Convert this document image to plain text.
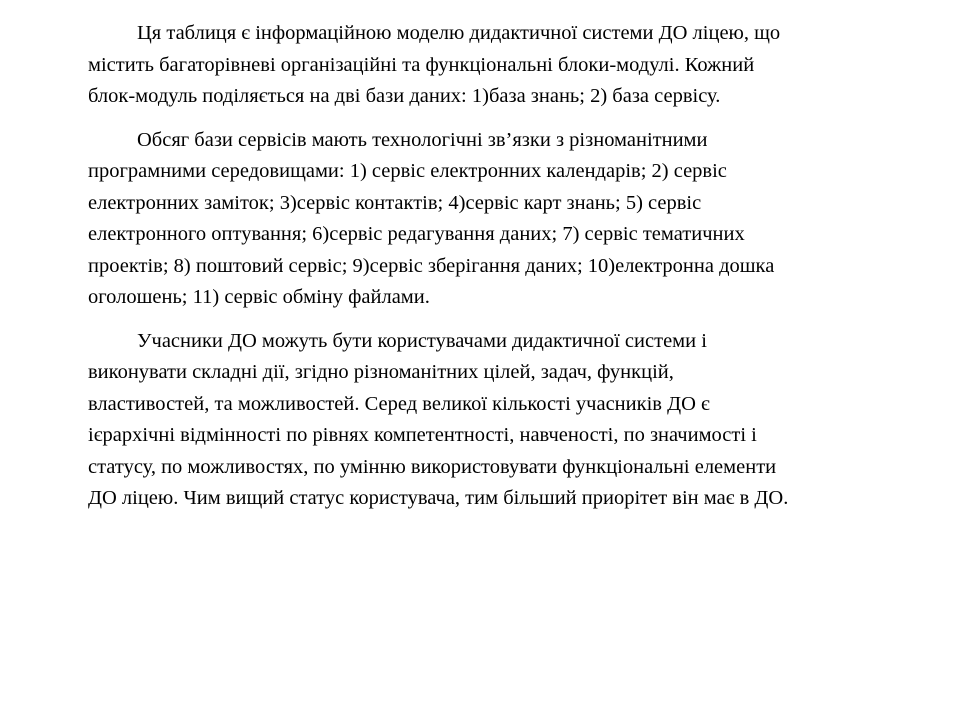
Ця таблиця є інформаційною моделю дидактичної системи ДО ліцею, що
містить багаторівневі організаційні та функціональні блоки-модулі. Кожний
блок-модуль поділяється на дві бази даних: 1)база знань; 2) база сервісу.

Обсяг бази сервісів мають технологічні зв’язки з різноманітними
програмними середовищами: 1) сервіс електронних календарів; 2) сервіс
електронних заміток; 3)сервіс контактів; 4)сервіс карт знань; 5) сервіс
електронного оптування; 6)сервіс редагування даних; 7) сервіс тематичних
проектів; 8) поштовий сервіс; 9)сервіс зберігання даних; 10)електронна дошка
оголошень; 11) сервіс обміну файлами.

Учасники ДО можуть бути користувачами дидактичної системи і
виконувати складні дії, згідно різноманітних цілей, задач, функцій,
властивостей, та можливостей. Серед великої кількості учасників ДО є
ієрархічні відмінності по рівнях компетентності, навченості, по значимості і
статусу, по можливостях, по умінню використовувати функціональні елементи
ДО ліцею. Чим вищий статус користувача, тим більший приорітет він має в ДО.
